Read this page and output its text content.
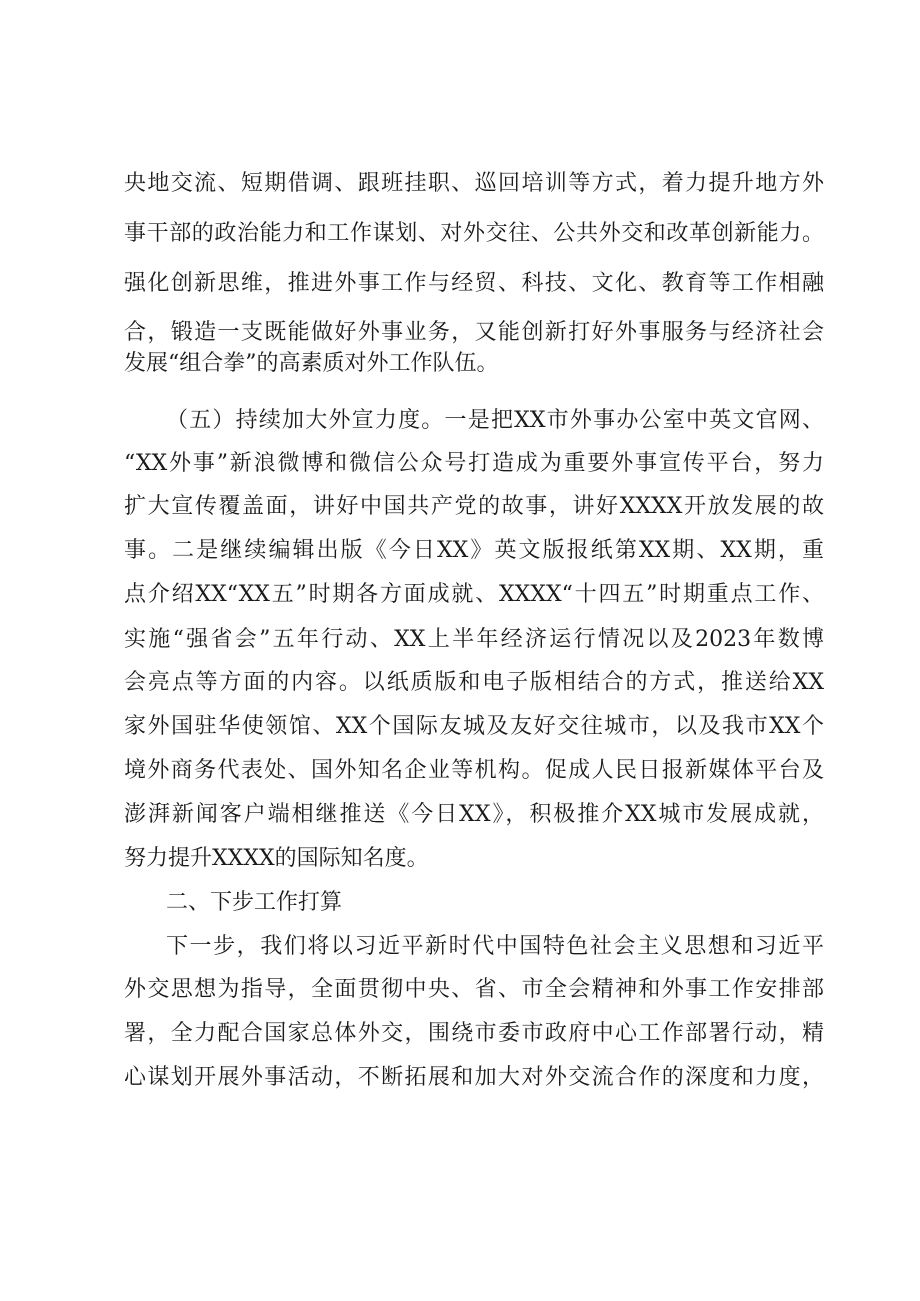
央地交流、短期借调、跟班挂职、巡回培训等方式，着力提升地方外
事干部的政治能力和工作谋划、对外交往、公共外交和改革创新能力。
强化创新思维，推进外事工作与经贸、科技、文化、教育等工作相融
合，锻造一支既能做好外事业务，又能创新打好外事服务与经济社会
发展“组合拳”的高素质对外工作队伍。
（五）持续加大外宣力度。一是把XX市外事办公室中英文官网、
“XX外事”新浪微博和微信公众号打造成为重要外事宣传平台，努力
扩大宣传覆盖面，讲好中国共产党的故事，讲好XXXX开放发展的故
事。二是继续编辑出版《今日XX》英文版报纸第XX期、XX期，重
点介绍XX“XX五”时期各方面成就、XXXX“十四五”时期重点工作、
实施“强省会”五年行动、XX上半年经济运行情况以及2023年数博
会亮点等方面的内容。以纸质版和电子版相结合的方式，推送给XX
家外国驻华使领馆、XX个国际友城及友好交往城市，以及我市XX个
境外商务代表处、国外知名企业等机构。促成人民日报新媒体平台及
澎湃新闻客户端相继推送《今日XX》，积极推介XX城市发展成就，
努力提升XXXX的国际知名度。
二、下步工作打算
下一步，我们将以习近平新时代中国特色社会主义思想和习近平
外交思想为指导，全面贯彻中央、省、市全会精神和外事工作安排部
署，全力配合国家总体外交，围绕市委市政府中心工作部署行动，精
心谋划开展外事活动，不断拓展和加大对外交流合作的深度和力度，
